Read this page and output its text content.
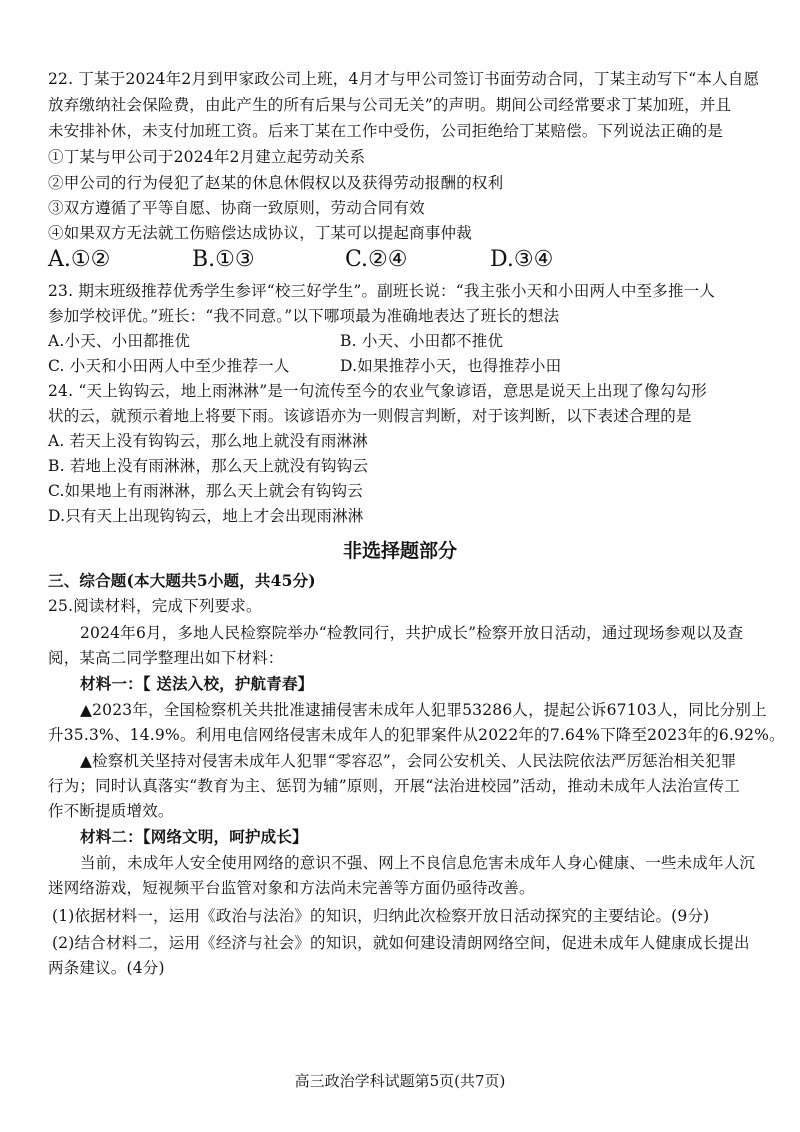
22. 丁某于2024年2月到甲家政公司上班，4月才与甲公司签订书面劳动合同，丁某主动写下“本人自愿
放弃缴纳社会保险费，由此产生的所有后果与公司无关”的声明。期间公司经常要求丁某加班，并且
未安排补休，未支付加班工资。后来丁某在工作中受伤，公司拒绝给丁某赔偿。下列说法正确的是
①丁某与甲公司于2024年2月建立起劳动关系
②甲公司的行为侵犯了赵某的休息休假权以及获得劳动报酬的权利
③双方遵循了平等自愿、协商一致原则，劳动合同有效
④如果双方无法就工伤赔偿达成协议，丁某可以提起商事仲裁
A.①②	B.①③	C.②④	D.③④
23. 期末班级推荐优秀学生参评“校三好学生”。副班长说：“我主张小天和小田两人中至多推一人
参加学校评优。”班长：“我不同意。”以下哪项最为准确地表达了班长的想法
A.小天、小田都推优	B. 小天、小田都不推优
C. 小天和小田两人中至少推荐一人	D.如果推荐小天，也得推荐小田
24. “天上钩钩云，地上雨淋淋”是一句流传至今的农业气象谚语，意思是说天上出现了像勾勾形
状的云，就预示着地上将要下雨。该谚语亦为一则假言判断，对于该判断，以下表述合理的是
A. 若天上没有钩钩云，那么地上就没有雨淋淋
B. 若地上没有雨淋淋，那么天上就没有钩钩云
C.如果地上有雨淋淋，那么天上就会有钩钩云
D.只有天上出现钩钩云，地上才会出现雨淋淋
非选择题部分
三、综合题(本大题共5小题，共45分)
25.阅读材料，完成下列要求。
2024年6月，多地人民检察院举办“检教同行，共护成长”检察开放日活动，通过现场参观以及查
阅，某高二同学整理出如下材料：
材料一：【 送法入校，护航青春】
▲2023年，全国检察机关共批准逮捕侵害未成年人犯罪53286人，提起公诉67103人，同比分别上
升35.3%、14.9%。利用电信网络侵害未成年人的犯罪案件从2022年的7.64%下降至2023年的6.92%。
▲检察机关坚持对侵害未成年人犯罪“零容忍”，会同公安机关、人民法院依法严厉惩治相关犯罪
行为；同时认真落实“教育为主、惩罚为辅”原则，开展“法治进校园”活动，推动未成年人法治宣传工
作不断提质增效。
材料二：【网络文明，呵护成长】
当前，未成年人安全使用网络的意识不强、网上不良信息危害未成年人身心健康、一些未成年人沉
迷网络游戏，短视频平台监管对象和方法尚未完善等方面仍亟待改善。
(1)依据材料一，运用《政治与法治》的知识，归纳此次检察开放日活动探究的主要结论。(9分)
(2)结合材料二，运用《经济与社会》的知识，就如何建设清朗网络空间，促进未成年人健康成长提出
两条建议。(4分)
高三政治学科试题第5页(共7页)
